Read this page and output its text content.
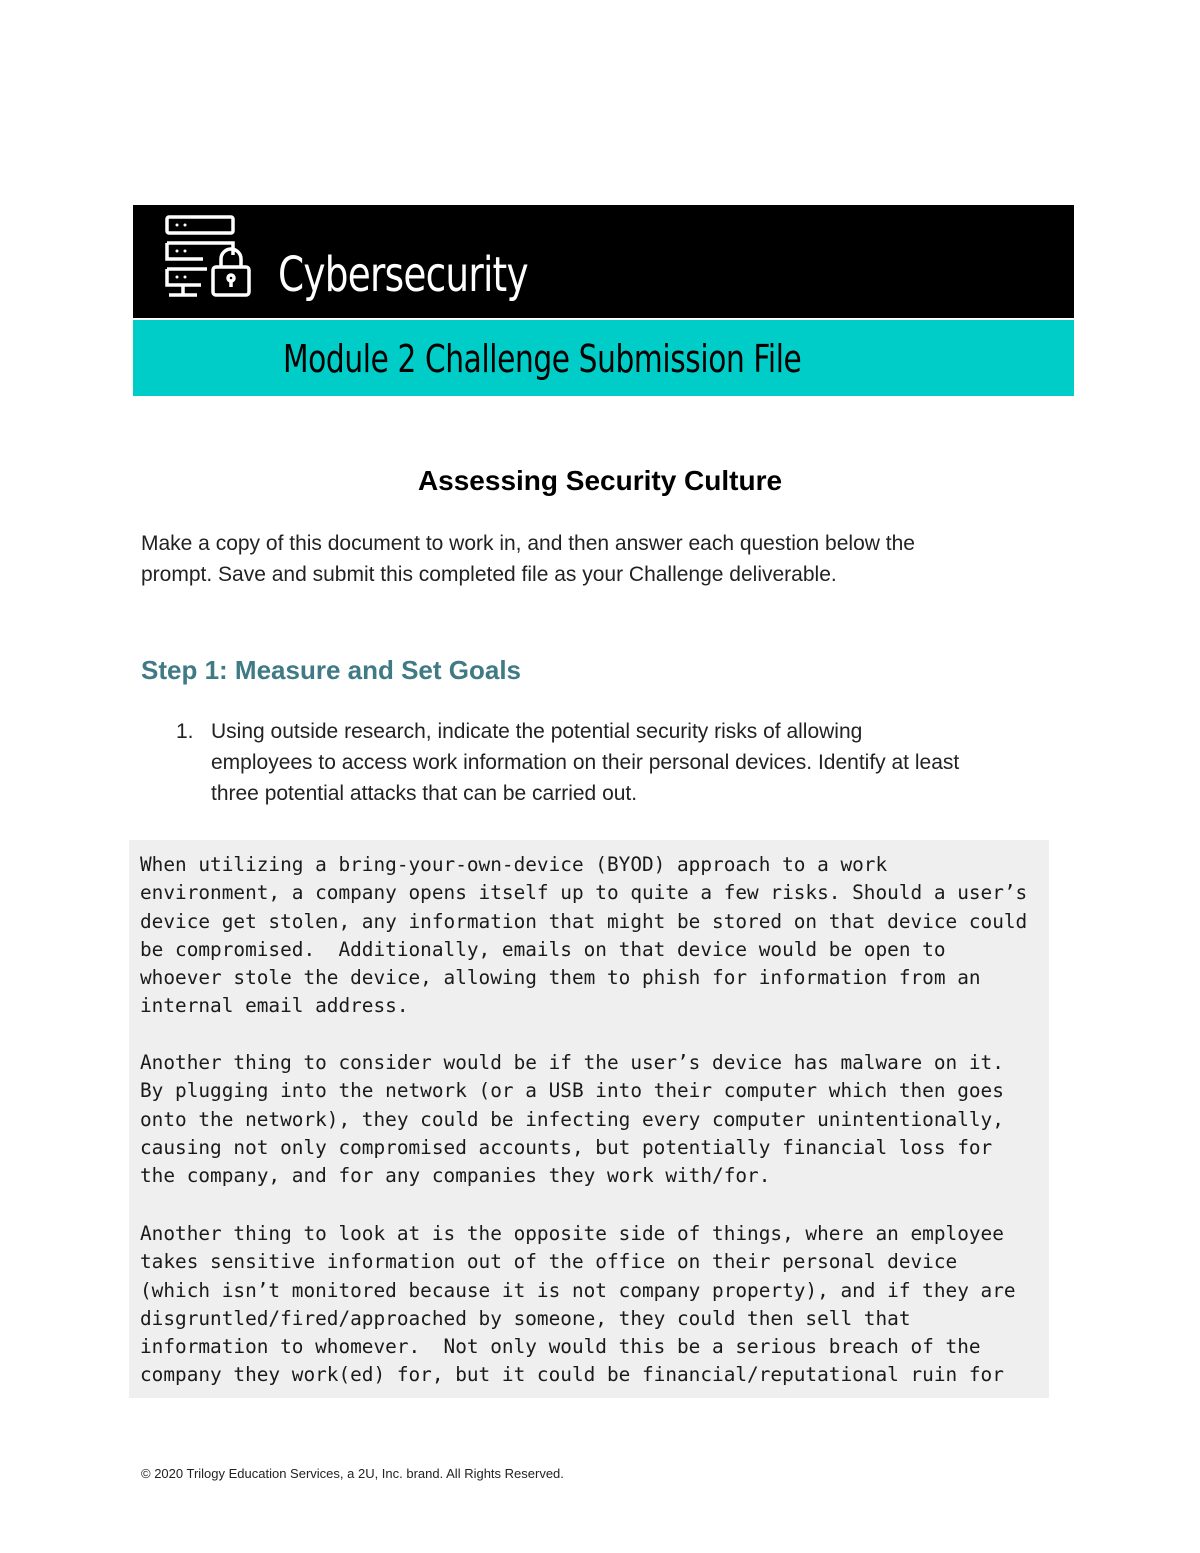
Cybersecurity
Module 2 Challenge Submission File
Assessing Security Culture
Make a copy of this document to work in, and then answer each question below the
prompt. Save and submit this completed file as your Challenge deliverable.
Step 1: Measure and Set Goals
1. Using outside research, indicate the potential security risks of allowing
employees to access work information on their personal devices. Identify at least
three potential attacks that can be carried out.

When utilizing a bring-your-own-device (BYOD) approach to a work
environment, a company opens itself up to quite a few risks. Should a user’s
device get stolen, any information that might be stored on that device could
be compromised.  Additionally, emails on that device would be open to
whoever stole the device, allowing them to phish for information from an
internal email address.

Another thing to consider would be if the user’s device has malware on it.
By plugging into the network (or a USB into their computer which then goes
onto the network), they could be infecting every computer unintentionally,
causing not only compromised accounts, but potentially financial loss for
the company, and for any companies they work with/for.

Another thing to look at is the opposite side of things, where an employee
takes sensitive information out of the office on their personal device
(which isn’t monitored because it is not company property), and if they are
disgruntled/fired/approached by someone, they could then sell that
information to whomever.  Not only would this be a serious breach of the
company they work(ed) for, but it could be financial/reputational ruin for

© 2020 Trilogy Education Services, a 2U, Inc. brand. All Rights Reserved.
